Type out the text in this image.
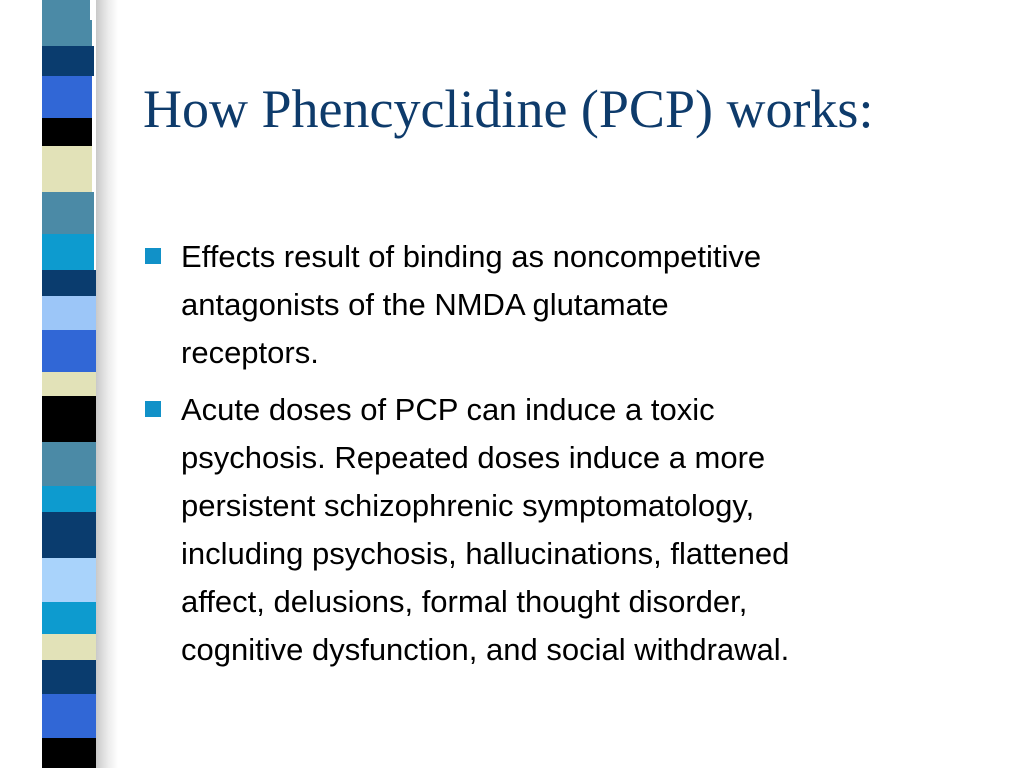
How Phencyclidine (PCP) works:
Effects result of binding as noncompetitive
antagonists of the NMDA glutamate
receptors.
Acute doses of PCP can induce a toxic
psychosis. Repeated doses induce a more
persistent schizophrenic symptomatology,
including psychosis, hallucinations, flattened
affect, delusions, formal thought disorder,
cognitive dysfunction, and social withdrawal.
